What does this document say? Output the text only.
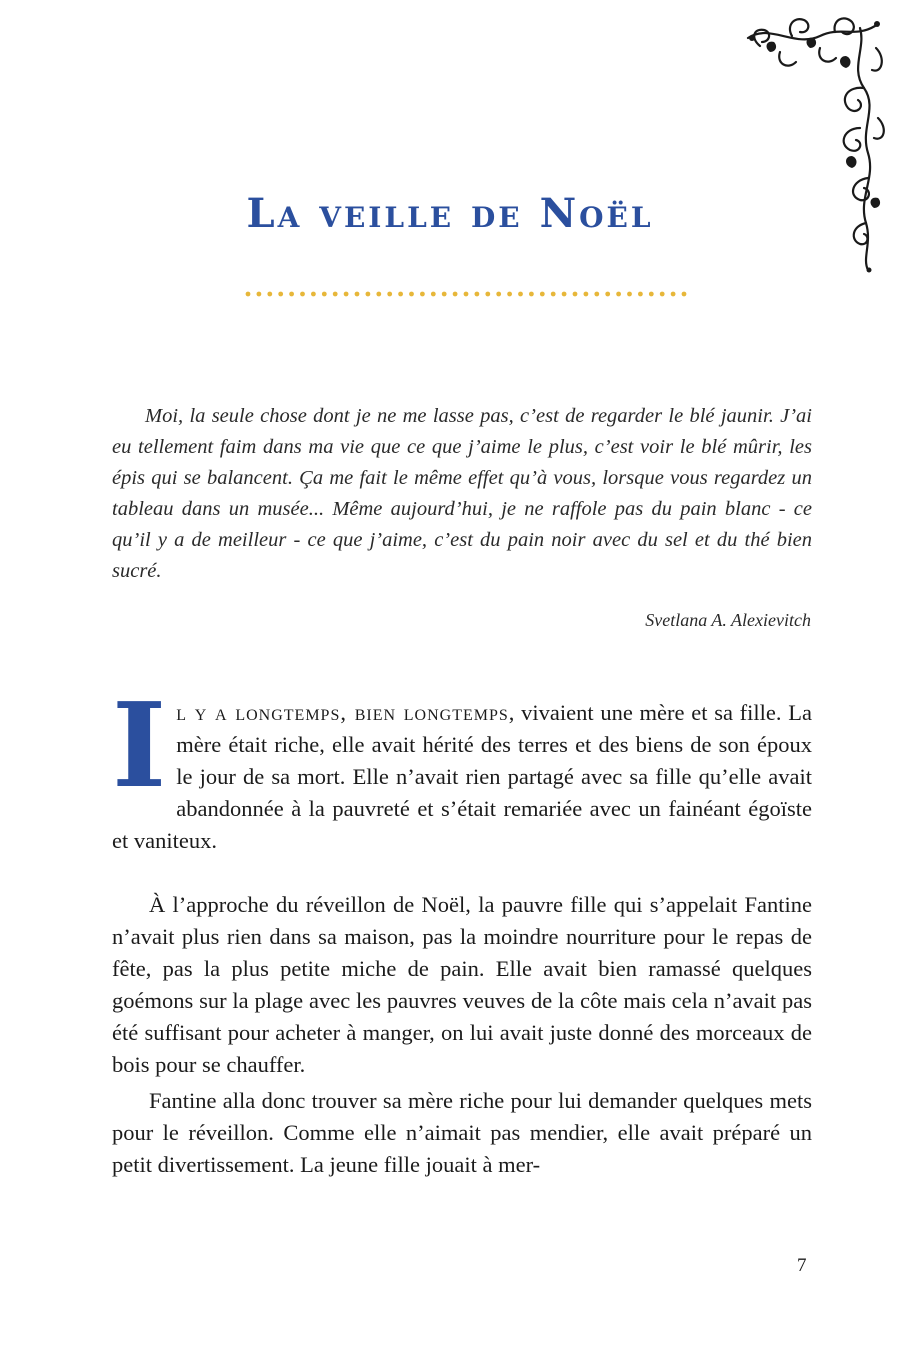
La veille de Noël

Moi, la seule chose dont je ne me lasse pas, c’est de regarder le blé jaunir. J’ai eu tellement faim dans ma vie que ce que j’aime le plus, c’est voir le blé mûrir, les épis qui se balancent. Ça me fait le même effet qu’à vous, lorsque vous regardez un tableau dans un musée... Même aujourd’hui, je ne raffole pas du pain blanc - ce qu’il y a de meilleur - ce que j’aime, c’est du pain noir avec du sel et du thé bien sucré.

Svetlana A. Alexievitch

Il y a longtemps, bien longtemps, vivaient une mère et sa fille. La mère était riche, elle avait hérité des terres et des biens de son époux le jour de sa mort. Elle n’avait rien partagé avec sa fille qu’elle avait abandonnée à la pauvreté et s’était remariée avec un fainéant égoïste et vaniteux.

À l’approche du réveillon de Noël, la pauvre fille qui s’appelait Fantine n’avait plus rien dans sa maison, pas la moindre nourriture pour le repas de fête, pas la plus petite miche de pain. Elle avait bien ramassé quelques goémons sur la plage avec les pauvres veuves de la côte mais cela n’avait pas été suffisant pour acheter à manger, on lui avait juste donné des morceaux de bois pour se chauffer.

Fantine alla donc trouver sa mère riche pour lui demander quelques mets pour le réveillon. Comme elle n’aimait pas mendier, elle avait préparé un petit divertissement. La jeune fille jouait à mer-

7
